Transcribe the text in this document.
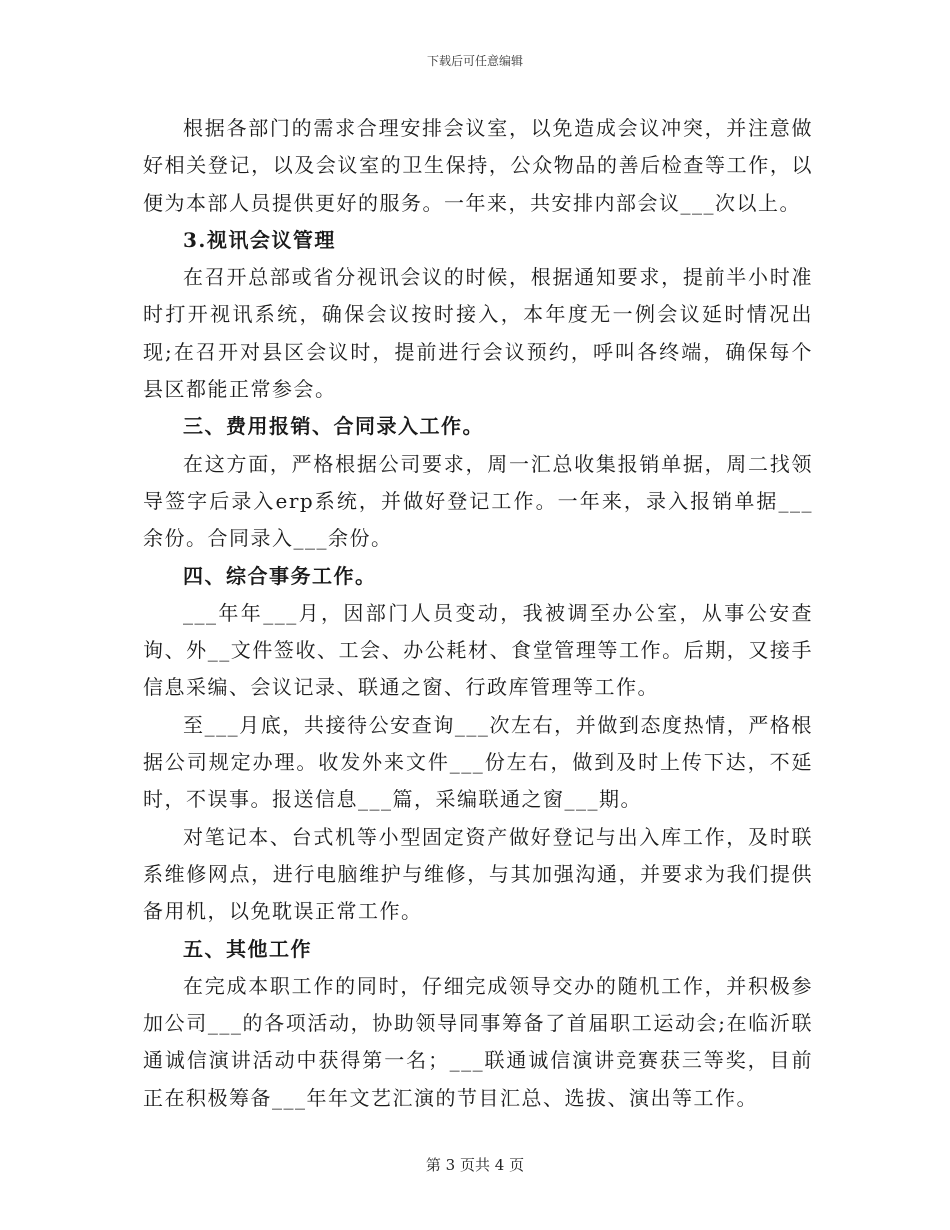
下载后可任意编辑

根据各部门的需求合理安排会议室，以免造成会议冲突，并注意做好相关登记，以及会议室的卫生保持，公众物品的善后检查等工作，以便为本部人员提供更好的服务。一年来，共安排内部会议___次以上。

3.视讯会议管理

在召开总部或省分视讯会议的时候，根据通知要求，提前半小时准时打开视讯系统，确保会议按时接入，本年度无一例会议延时情况出现;在召开对县区会议时，提前进行会议预约，呼叫各终端，确保每个县区都能正常参会。

三、费用报销、合同录入工作。

在这方面，严格根据公司要求，周一汇总收集报销单据，周二找领导签字后录入erp系统，并做好登记工作。一年来，录入报销单据___余份。合同录入___余份。

四、综合事务工作。

___年年___月，因部门人员变动，我被调至办公室，从事公安查询、外__文件签收、工会、办公耗材、食堂管理等工作。后期，又接手信息采编、会议记录、联通之窗、行政库管理等工作。

至___月底，共接待公安查询___次左右，并做到态度热情，严格根据公司规定办理。收发外来文件___份左右，做到及时上传下达，不延时，不误事。报送信息___篇，采编联通之窗___期。

对笔记本、台式机等小型固定资产做好登记与出入库工作，及时联系维修网点，进行电脑维护与维修，与其加强沟通，并要求为我们提供备用机，以免耽误正常工作。

五、其他工作

在完成本职工作的同时，仔细完成领导交办的随机工作，并积极参加公司___的各项活动，协助领导同事筹备了首届职工运动会;在临沂联通诚信演讲活动中获得第一名；___联通诚信演讲竞赛获三等奖，目前正在积极筹备___年年文艺汇演的节目汇总、选拔、演出等工作。

第 3 页共 4 页
